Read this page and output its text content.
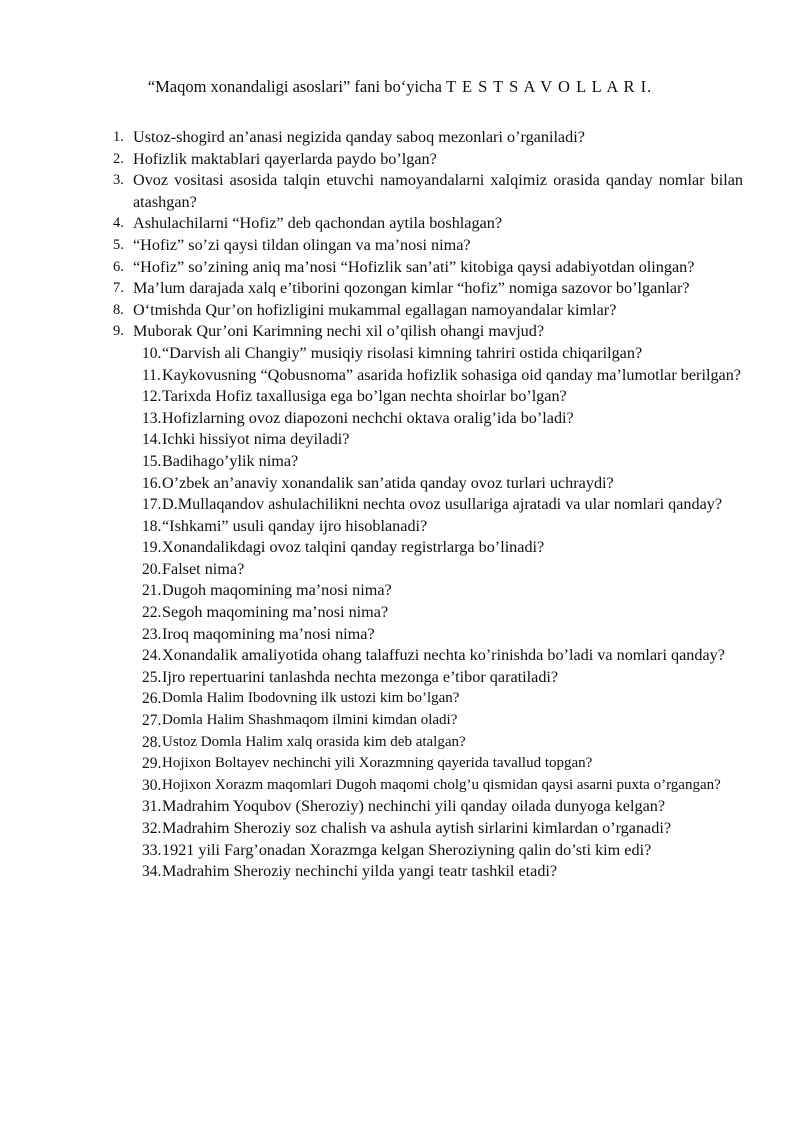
“Maqom xonandaligi asoslari” fani bo‘yicha T E S T S A V O L L A R I.
1. Ustoz-shogird an’anasi negizida qanday saboq mezonlari o’rganiladi?
2. Hofizlik maktablari qayerlarda paydo bo’lgan?
3. Ovoz vositasi asosida talqin etuvchi namoyandalarni xalqimiz orasida qanday nomlar bilan atashgan?
4. Ashulachilarni “Hofiz” deb qachondan aytila boshlagan?
5. “Hofiz” so’zi qaysi tildan olingan va ma’nosi nima?
6. “Hofiz” so’zining aniq ma’nosi “Hofizlik san’ati” kitobiga qaysi adabiyotdan olingan?
7. Ma’lum darajada xalq e’tiborini qozongan kimlar “hofiz” nomiga sazovor bo’lganlar?
8. O‘tmishda Qur’on hofizligini mukammal egallagan namoyandalar kimlar?
9. Muborak Qur’oni Karimning nechi xil o’qilish ohangi mavjud?
10. “Darvish ali Changiy” musiqiy risolasi kimning tahriri ostida chiqarilgan?
11. Kaykovusning “Qobusnoma” asarida hofizlik sohasiga oid qanday ma’lumotlar berilgan?
12. Tarixda Hofiz taxallusiga ega bo’lgan nechta shoirlar bo’lgan?
13. Hofizlarning ovoz diapozoni nechchi oktava oralig’ida bo’ladi?
14. Ichki hissiyot nima deyiladi?
15. Badihago’ylik nima?
16. O’zbek an’anaviy xonandalik san’atida qanday ovoz turlari uchraydi?
17. D.Mullaqandov ashulachilikni nechta ovoz usullariga ajratadi va ular nomlari qanday?
18. “Ishkami” usuli qanday ijro hisoblanadi?
19. Xonandalikdagi ovoz talqini qanday registrlarga bo’linadi?
20. Falset nima?
21. Dugoh maqomining ma’nosi nima?
22. Segoh maqomining ma’nosi nima?
23. Iroq maqomining ma’nosi nima?
24. Xonandalik amaliyotida ohang talaffuzi nechta ko’rinishda bo’ladi va nomlari qanday?
25. Ijro repertuarini tanlashda nechta mezonga e’tibor qaratiladi?
26. Domla Halim Ibodovning ilk ustozi kim bo’lgan?
27. Domla Halim Shashmaqom ilmini kimdan oladi?
28. Ustoz Domla Halim xalq orasida kim deb atalgan?
29. Hojixon Boltayev nechinchi yili Xorazmning qayerida tavallud topgan?
30. Hojixon Xorazm maqomlari Dugoh maqomi cholg’u qismidan qaysi asarni puxta o’rgangan?
31. Madrahim Yoqubov (Sheroziy) nechinchi yili qanday oilada dunyoga kelgan?
32. Madrahim Sheroziy soz chalish va ashula aytish sirlarini kimlardan o’rganadi?
33. 1921 yili Farg’onadan Xorazmga kelgan Sheroziyning qalin do’sti kim edi?
34. Madrahim Sheroziy nechinchi yilda yangi teatr tashkil etadi?
